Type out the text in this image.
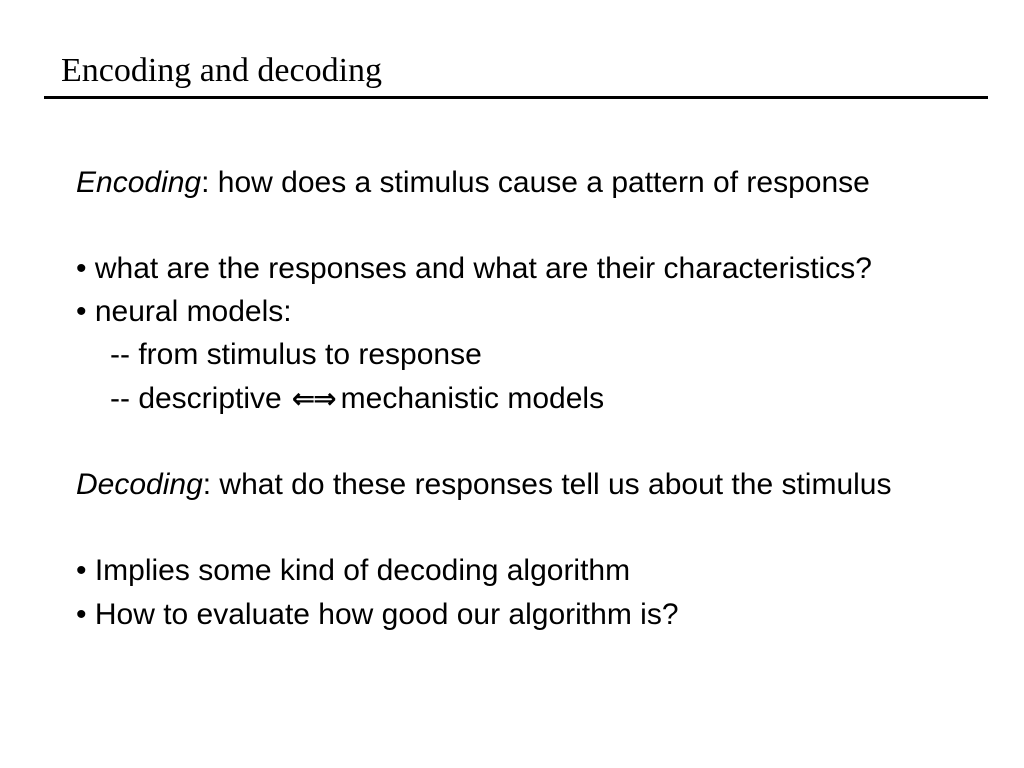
Encoding and decoding
Encoding: how does a stimulus cause a pattern of response
• what are the responses and what are their characteristics?
• neural models:
-- from stimulus to response
-- descriptive ⇐⇒ mechanistic models
Decoding: what do these responses tell us about the stimulus
• Implies some kind of decoding algorithm
• How to evaluate how good our algorithm is?
